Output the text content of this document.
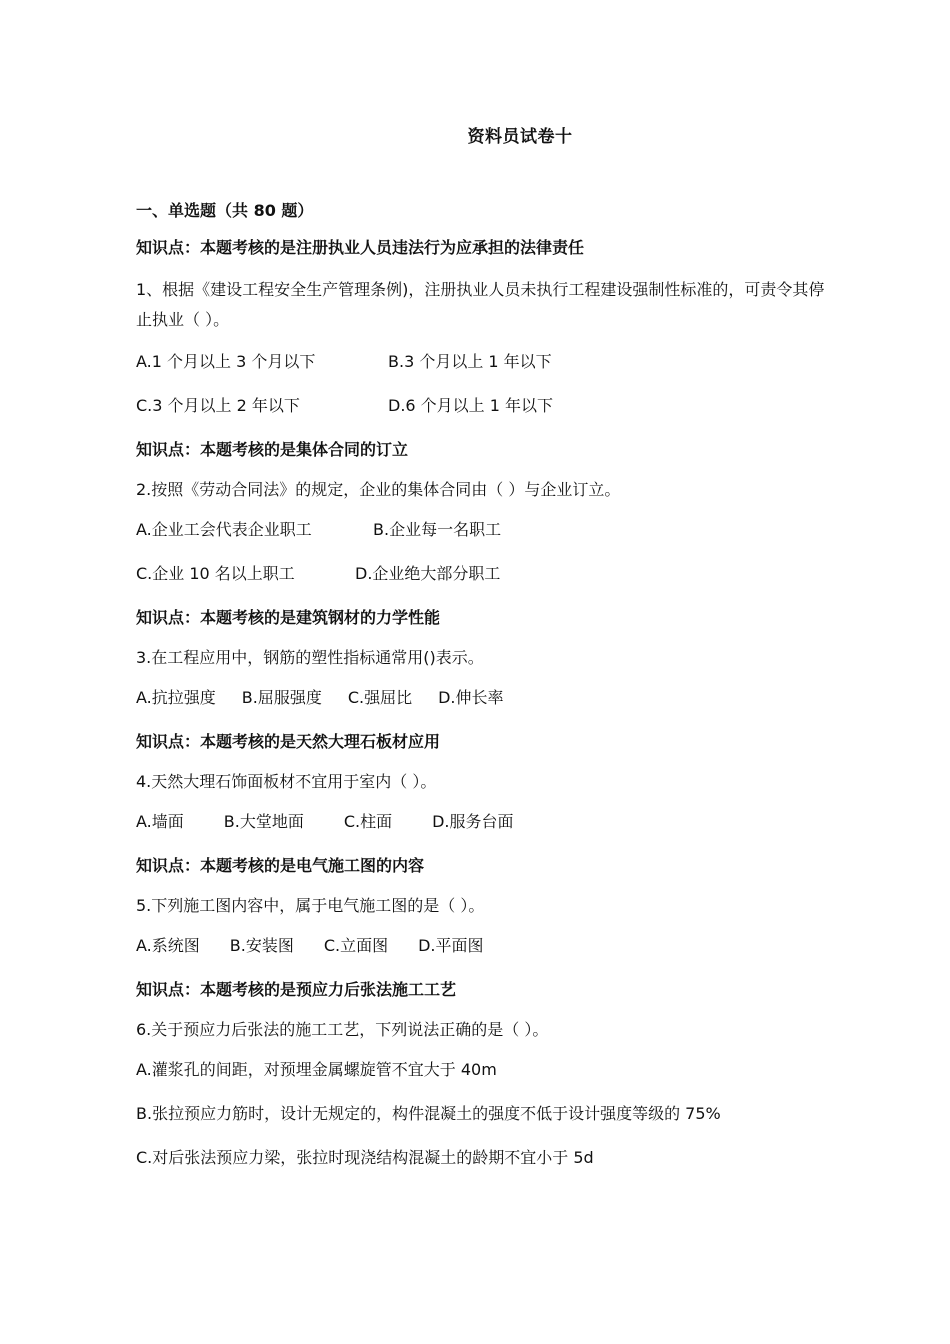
资料员试卷十

一、单选题（共 80 题）

知识点：本题考核的是注册执业人员违法行为应承担的法律责任

1、根据《建设工程安全生产管理条例)，注册执业人员未执行工程建设强制性标准的，可责令其停止执业（ ）。

A.1 个月以上 3 个月以下	B.3 个月以上 1 年以下
C.3 个月以上 2 年以下	D.6 个月以上 1 年以下

知识点：本题考核的是集体合同的订立

2.按照《劳动合同法》的规定，企业的集体合同由（ ）与企业订立。

A.企业工会代表企业职工	B.企业每一名职工
C.企业 10 名以上职工	D.企业绝大部分职工

知识点：本题考核的是建筑钢材的力学性能

3.在工程应用中，钢筋的塑性指标通常用()表示。

A.抗拉强度 B.屈服强度 C.强屈比 D.伸长率

知识点：本题考核的是天然大理石板材应用

4.天然大理石饰面板材不宜用于室内（ ）。

A.墙面	B.大堂地面	C.柱面	D.服务台面

知识点：本题考核的是电气施工图的内容

5.下列施工图内容中，属于电气施工图的是（ ）。

A.系统图 B.安装图 C.立面图 D.平面图

知识点：本题考核的是预应力后张法施工工艺

6.关于预应力后张法的施工工艺，下列说法正确的是（ ）。

A.灌浆孔的间距，对预埋金属螺旋管不宜大于 40m

B.张拉预应力筋时，设计无规定的，构件混凝土的强度不低于设计强度等级的 75%

C.对后张法预应力梁，张拉时现浇结构混凝土的龄期不宜小于 5d
